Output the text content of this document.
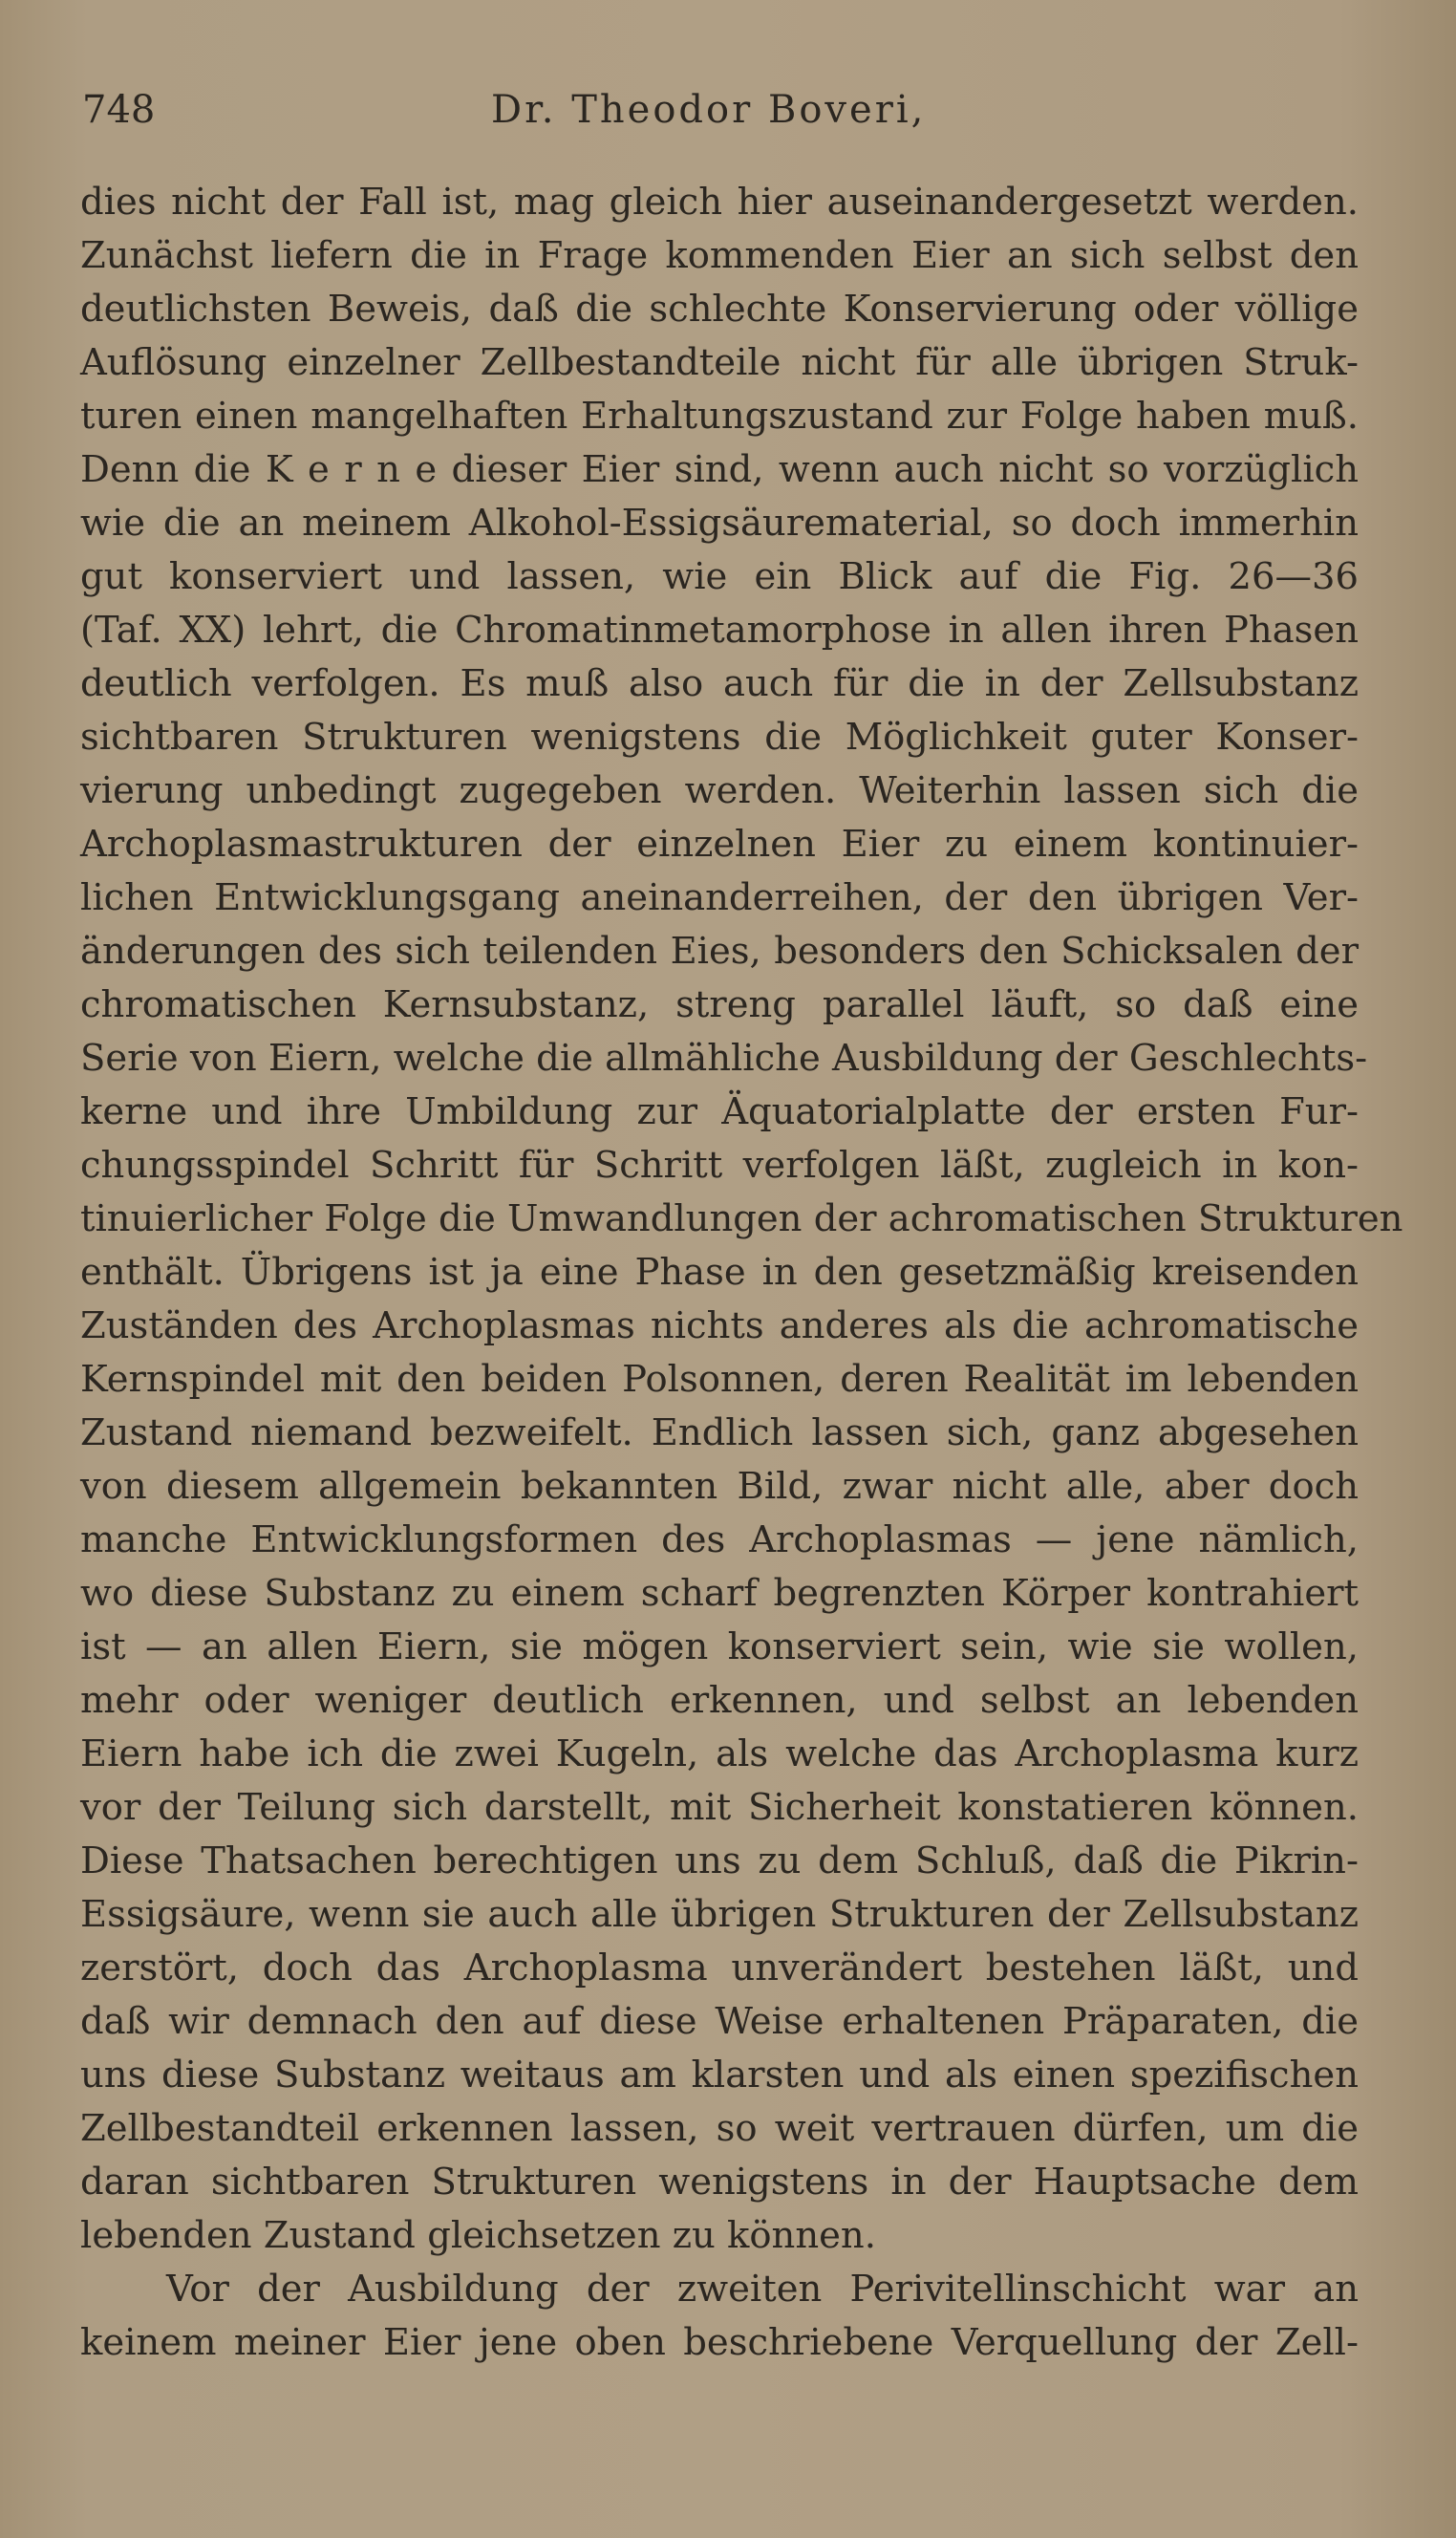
748	Dr. Theodor Boveri,
dies nicht der Fall ist, mag gleich hier auseinandergesetzt werden.
Zunächst liefern die in Frage kommenden Eier an sich selbst den
deutlichsten Beweis, daß die schlechte Konservierung oder völlige
Auflösung einzelner Zellbestandteile nicht für alle übrigen Struk-
turen einen mangelhaften Erhaltungszustand zur Folge haben muß.
Denn die K e r n e dieser Eier sind, wenn auch nicht so vorzüglich
wie die an meinem Alkohol-Essigsäurematerial, so doch immerhin
gut konserviert und lassen, wie ein Blick auf die Fig. 26—36
(Taf. XX) lehrt, die Chromatinmetamorphose in allen ihren Phasen
deutlich verfolgen. Es muß also auch für die in der Zellsubstanz
sichtbaren Strukturen wenigstens die Möglichkeit guter Konser-
vierung unbedingt zugegeben werden. Weiterhin lassen sich die
Archoplasmastrukturen der einzelnen Eier zu einem kontinuier-
lichen Entwicklungsgang aneinanderreihen, der den übrigen Ver-
änderungen des sich teilenden Eies, besonders den Schicksalen der
chromatischen Kernsubstanz, streng parallel läuft, so daß eine
Serie von Eiern, welche die allmähliche Ausbildung der Geschlechts-
kerne und ihre Umbildung zur Äquatorialplatte der ersten Fur-
chungsspindel Schritt für Schritt verfolgen läßt, zugleich in kon-
tinuierlicher Folge die Umwandlungen der achromatischen Strukturen
enthält. Übrigens ist ja eine Phase in den gesetzmäßig kreisenden
Zuständen des Archoplasmas nichts anderes als die achromatische
Kernspindel mit den beiden Polsonnen, deren Realität im lebenden
Zustand niemand bezweifelt. Endlich lassen sich, ganz abgesehen
von diesem allgemein bekannten Bild, zwar nicht alle, aber doch
manche Entwicklungsformen des Archoplasmas — jene nämlich,
wo diese Substanz zu einem scharf begrenzten Körper kontrahiert
ist — an allen Eiern, sie mögen konserviert sein, wie sie wollen,
mehr oder weniger deutlich erkennen, und selbst an lebenden
Eiern habe ich die zwei Kugeln, als welche das Archoplasma kurz
vor der Teilung sich darstellt, mit Sicherheit konstatieren können.
Diese Thatsachen berechtigen uns zu dem Schluß, daß die Pikrin-
Essigsäure, wenn sie auch alle übrigen Strukturen der Zellsubstanz
zerstört, doch das Archoplasma unverändert bestehen läßt, und
daß wir demnach den auf diese Weise erhaltenen Präparaten, die
uns diese Substanz weitaus am klarsten und als einen spezifischen
Zellbestandteil erkennen lassen, so weit vertrauen dürfen, um die
daran sichtbaren Strukturen wenigstens in der Hauptsache dem
lebenden Zustand gleichsetzen zu können.
Vor der Ausbildung der zweiten Perivitellinschicht war an
keinem meiner Eier jene oben beschriebene Verquellung der Zell-
